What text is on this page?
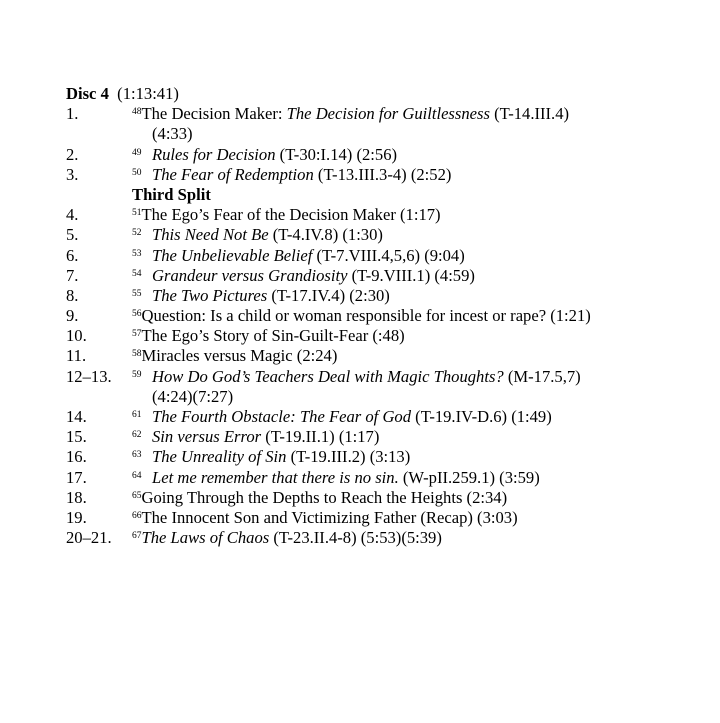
Disc 4 (1:13:41)
1.	48The Decision Maker: The Decision for Guiltlessness (T-14.III.4)
(4:33)
2.	49 Rules for Decision (T-30:I.14) (2:56)
3.	50 The Fear of Redemption (T-13.III.3-4) (2:52)
Third Split
4.	51The Ego’s Fear of the Decision Maker (1:17)
5.	52 This Need Not Be (T-4.IV.8) (1:30)
6.	53 The Unbelievable Belief (T-7.VIII.4,5,6) (9:04)
7.	54 Grandeur versus Grandiosity (T-9.VIII.1) (4:59)
8.	55 The Two Pictures (T-17.IV.4) (2:30)
9.	56Question: Is a child or woman responsible for incest or rape? (1:21)
10.	57The Ego’s Story of Sin-Guilt-Fear (:48)
11.	58Miracles versus Magic (2:24)
12–13. 59 How Do God’s Teachers Deal with Magic Thoughts? (M-17.5,7)
(4:24)(7:27)
14.	61 The Fourth Obstacle: The Fear of God (T-19.IV-D.6) (1:49)
15.	62 Sin versus Error (T-19.II.1) (1:17)
16.	63 The Unreality of Sin (T-19.III.2) (3:13)
17.	64 Let me remember that there is no sin. (W-pII.259.1) (3:59)
18.	65Going Through the Depths to Reach the Heights (2:34)
19.	66The Innocent Son and Victimizing Father (Recap) (3:03)
20–21. 67The Laws of Chaos (T-23.II.4-8) (5:53)(5:39)
